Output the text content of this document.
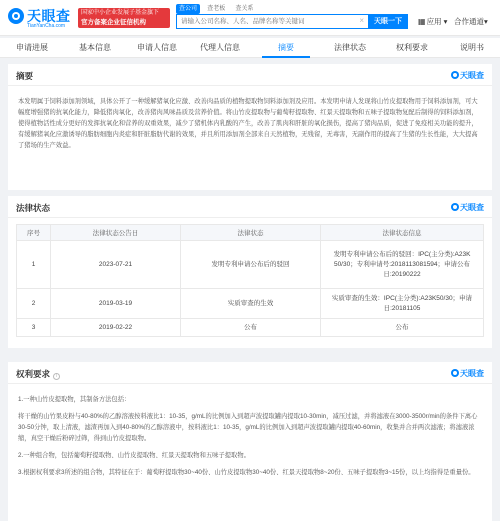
天眼查
TianYanCha.com
国家中小企业发展子基金旗下
官方备案企业征信机构
查公司 查老板 查关系
请输入公司名称、人名、品牌名称等关键词
×	天眼一下	▦应用 ▾ 合作通道▾
申请进展	基本信息	申请人信息	代理人信息	摘要	法律状态	权利要求	说明书
摘要	天眼查
本发明属于饲料添加剂领域，具体公开了一种缓解猪氧化应激、改善肉品质的植物提取物饲料添加剂及应用。本发明申请人发现将山竹皮提取物用于饲料添加剂，可大幅度增强猪的抗氧化能力，降低猪肉氧化，改善猪肉风味品质及营养价值。将山竹皮提取物与葡萄籽提取物、红景天提取物和五味子提取物复配后制得的饲料添加剂，使得植物活性成分更好的发挥抗氧化和营养的双重效果，减少了猪机体内乳酸的产生，改善了肌肉和肝脏的氧化损伤，提高了猪肉品质，促进了免疫相关功能的提升，有缓解猪氧化应激诱导的脂肪细胞内炎症和肝脏脂肪代谢的效果，并且所用添加剂全部来自天然植物，无残留，无毒害，无副作用的提高了生猪的生长性能，大大提高了猪场的生产效益。
法律状态	天眼查
序号	法律状态公告日	法律状态	法律状态信息
1	2023-07-21	发明专利申请公布后的驳回	发明专利申请公布后的驳回：IPC(主分类):A23K 50/30；专利申请号:2018113081594；申请公布日:20190222
2	2019-03-19	实质审查的生效	实质审查的生效：IPC(主分类):A23K50/30；申请日:20181105
3	2019-02-22	公布	公布
权利要求 i	天眼查

1.一种山竹皮提取物，其制备方法包括：

将干燥的山竹果皮粉与40-80%的乙醇溶液按料液比1：10-35，g/mL的比例加入到超声波提取罐内提取10-30min，减压过滤，并将滤液在3000-3500r/min的条件下离心30-50分钟，取上清液，滤渣再加入到40-80%的乙醇溶液中，按料液比1：10-35，g/mL的比例加入到超声波提取罐内提取40-60min，收集并合并两次滤液；将滤液浓缩，真空干燥后粉碎过筛，得到山竹皮提取物。

2.一种组合物，包括葡萄籽提取物、山竹皮提取物、红景天提取物和五味子提取物。

3.根据权利要求3所述的组合物，其特征在于：葡萄籽提取物30~40份、山竹皮提取物30~40份、红景天提取物8~20份、五味子提取物3~15份，以上均指得是重量份。
